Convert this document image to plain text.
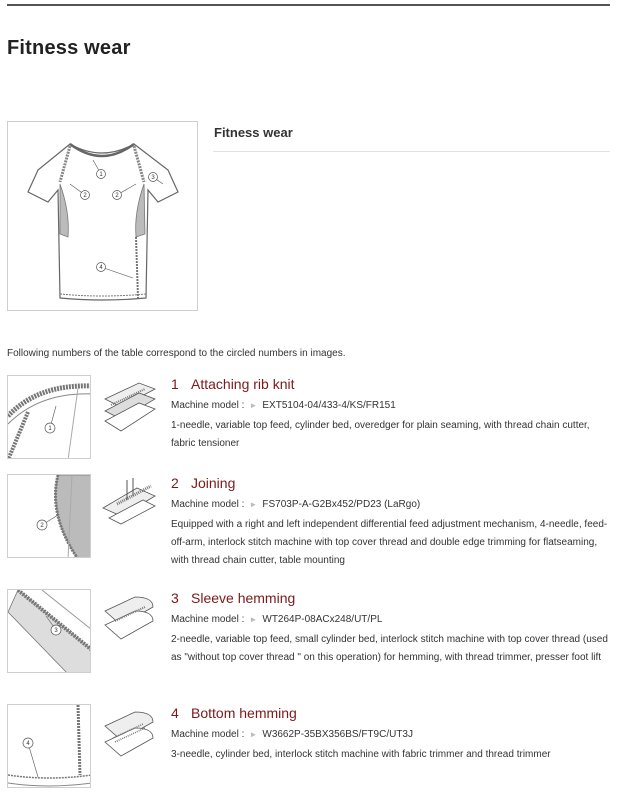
Fitness wear
1
2	2
3
4
Fitness wear

Following numbers of the table correspond to the circled numbers in images.

1
1 Attaching rib knit
Machine model : ► EXT5104-04/433-4/KS/FR151
1-needle, variable top feed, cylinder bed, overedger for plain seaming, with thread chain cutter, fabric tensioner
2
2 Joining
Machine model : ► FS703P-A-G2Bx452/PD23 (LaRgo)
Equipped with a right and left independent differential feed adjustment mechanism, 4-needle, feed-off-arm, interlock stitch machine with top cover thread and double edge trimming for flatseaming, with thread chain cutter, table mounting
3
3 Sleeve hemming
Machine model : ► WT264P-08ACx248/UT/PL
2-needle, variable top feed, small cylinder bed, interlock stitch machine with top cover thread (used as "without top cover thread " on this operation) for hemming, with thread trimmer, presser foot lift
4
4 Bottom hemming
Machine model : ► W3662P-35BX356BS/FT9C/UT3J
3-needle, cylinder bed, interlock stitch machine with fabric trimmer and thread trimmer
